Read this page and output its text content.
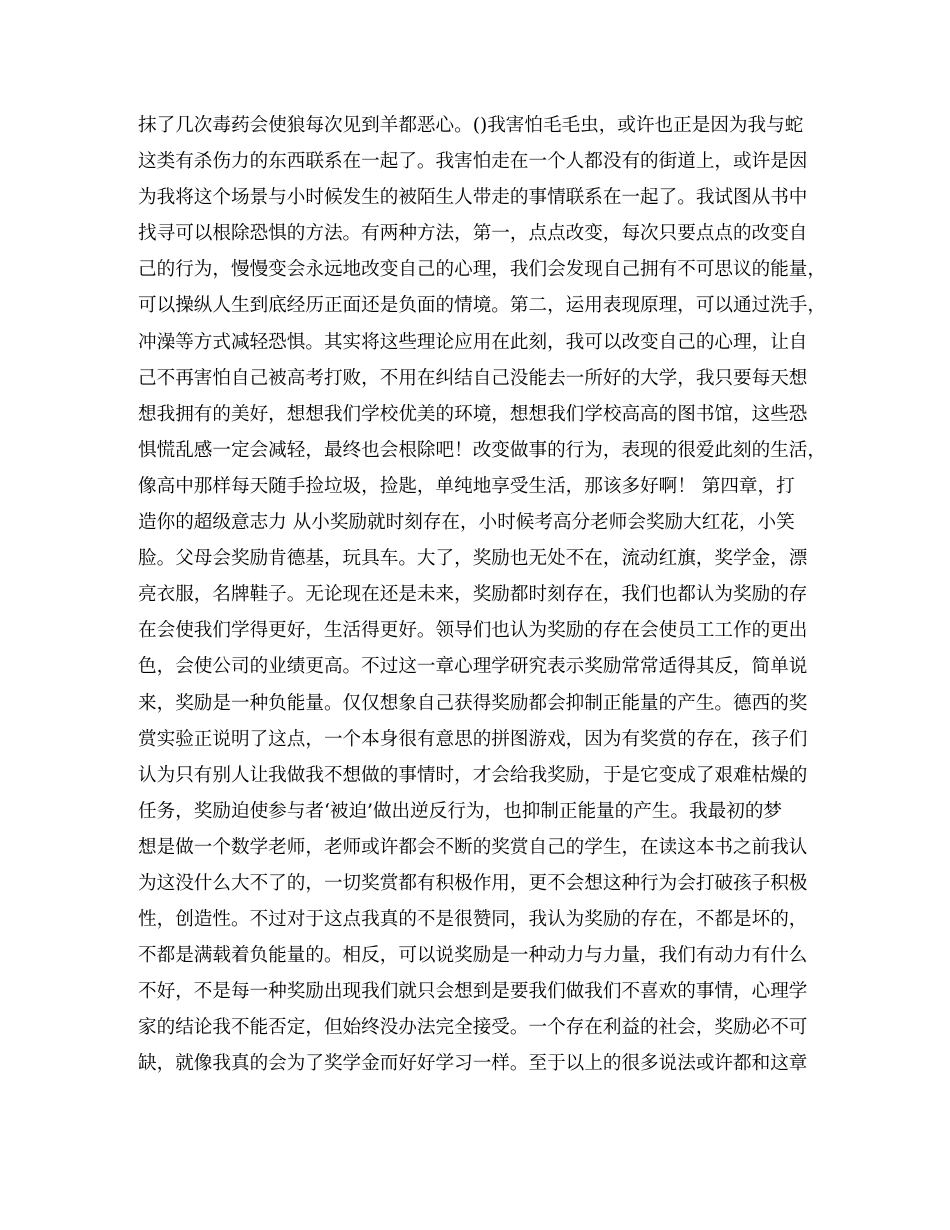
抹了几次毒药会使狼每次见到羊都恶心。()我害怕毛毛虫，或许也正是因为我与蛇
这类有杀伤力的东西联系在一起了。我害怕走在一个人都没有的街道上，或许是因
为我将这个场景与小时候发生的被陌生人带走的事情联系在一起了。我试图从书中
找寻可以根除恐惧的方法。有两种方法，第一，点点改变，每次只要点点的改变自
己的行为，慢慢变会永远地改变自己的心理，我们会发现自己拥有不可思议的能量，
可以操纵人生到底经历正面还是负面的情境。第二，运用表现原理，可以通过洗手，
冲澡等方式减轻恐惧。其实将这些理论应用在此刻，我可以改变自己的心理，让自
己不再害怕自己被高考打败，不用在纠结自己没能去一所好的大学，我只要每天想
想我拥有的美好，想想我们学校优美的环境，想想我们学校高高的图书馆，这些恐
惧慌乱感一定会减轻，最终也会根除吧！改变做事的行为，表现的很爱此刻的生活，
像高中那样每天随手捡垃圾，捡匙，单纯地享受生活，那该多好啊！ 第四章，打
造你的超级意志力 从小奖励就时刻存在，小时候考高分老师会奖励大红花，小笑
脸。父母会奖励肯德基，玩具车。大了，奖励也无处不在，流动红旗，奖学金，漂
亮衣服，名牌鞋子。无论现在还是未来，奖励都时刻存在，我们也都认为奖励的存
在会使我们学得更好，生活得更好。领导们也认为奖励的存在会使员工工作的更出
色，会使公司的业绩更高。不过这一章心理学研究表示奖励常常适得其反，简单说
来，奖励是一种负能量。仅仅想象自己获得奖励都会抑制正能量的产生。德西的奖
赏实验正说明了这点，一个本身很有意思的拼图游戏，因为有奖赏的存在，孩子们
认为只有别人让我做我不想做的事情时，才会给我奖励，于是它变成了艰难枯燥的
任务，奖励迫使参与者‘被迫’做出逆反行为，也抑制正能量的产生。我最初的梦
想是做一个数学老师，老师或许都会不断的奖赏自己的学生，在读这本书之前我认
为这没什么大不了的，一切奖赏都有积极作用，更不会想这种行为会打破孩子积极
性，创造性。不过对于这点我真的不是很赞同，我认为奖励的存在，不都是坏的，
不都是满载着负能量的。相反，可以说奖励是一种动力与力量，我们有动力有什么
不好，不是每一种奖励出现我们就只会想到是要我们做我们不喜欢的事情，心理学
家的结论我不能否定，但始终没办法完全接受。一个存在利益的社会，奖励必不可
缺，就像我真的会为了奖学金而好好学习一样。至于以上的很多说法或许都和这章
